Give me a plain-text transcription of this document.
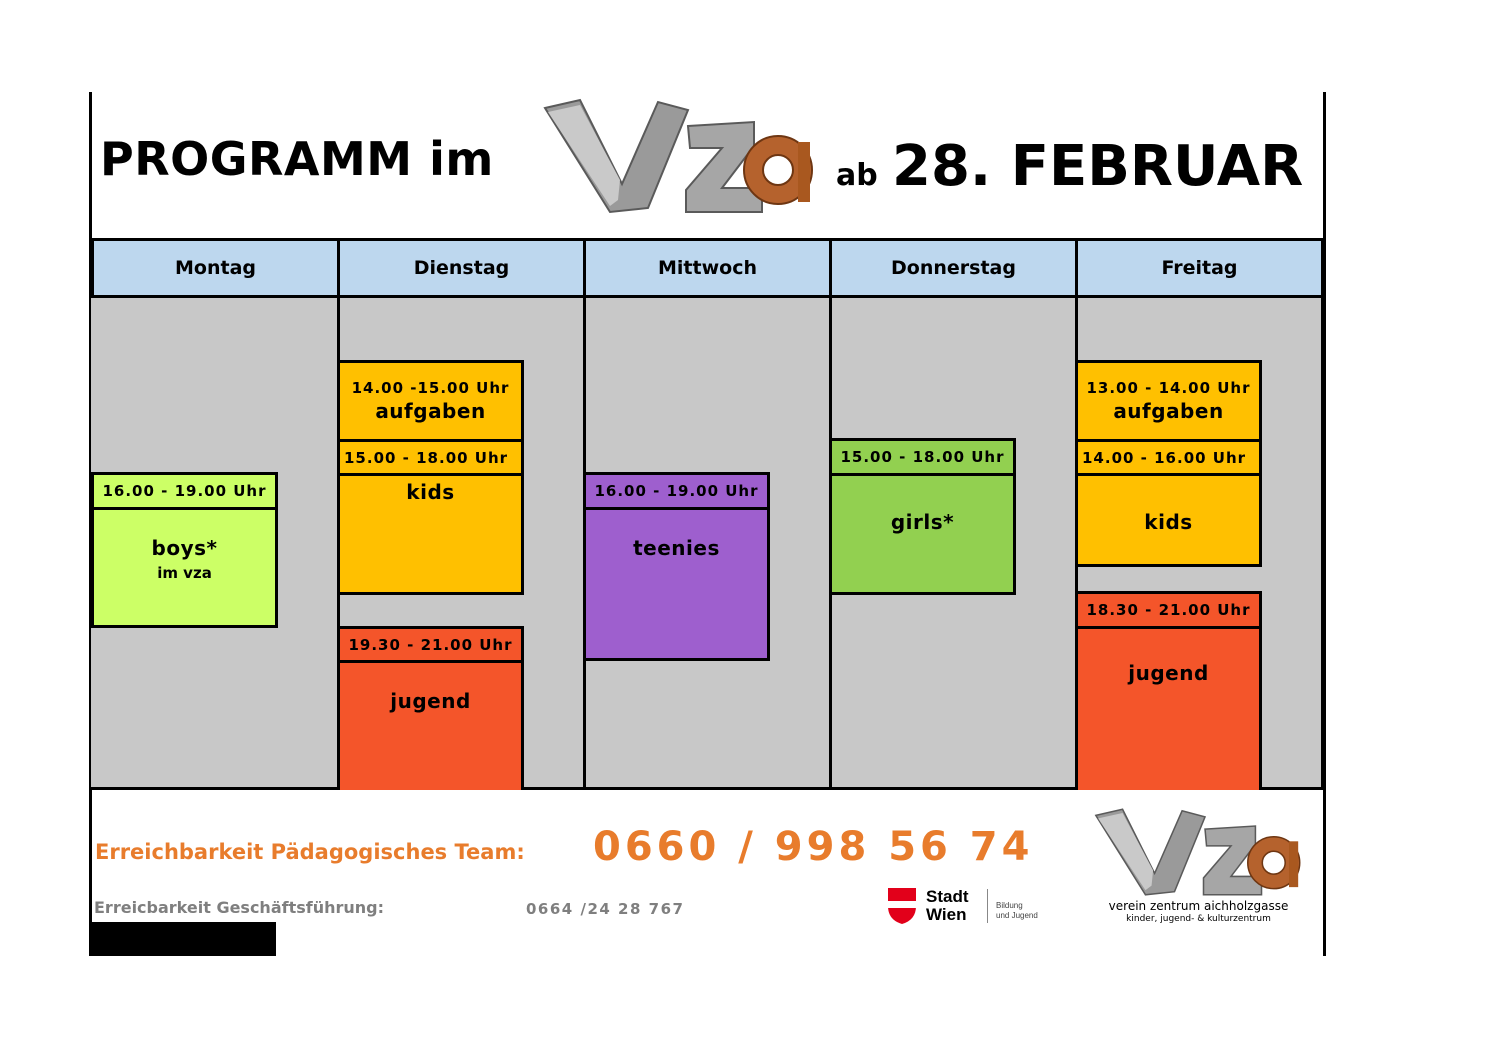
PROGRAMM im
vza
ab 28. FEBRUAR
Montag	Dienstag	Mittwoch	Donnerstag	Freitag
16.00 - 19.00 Uhr
boys*
im vza
14.00 -15.00 Uhr
aufgaben
15.00 - 18.00 Uhr
kids
19.30 - 21.00 Uhr
jugend
16.00 - 19.00 Uhr
teenies
15.00 - 18.00 Uhr
girls*
13.00 - 14.00 Uhr
aufgaben
14.00 - 16.00 Uhr
kids
18.30 - 21.00 Uhr
jugend
Erreichbarkeit Pädagogisches Team: 0660 / 998 56 74
Erreicbarkeit Geschäftsführung:	0664 /24 28 767
Stadt
Wien	Bildung
und Jugend
verein zentrum aichholzgasse
kinder, jugend- & kulturzentrum
